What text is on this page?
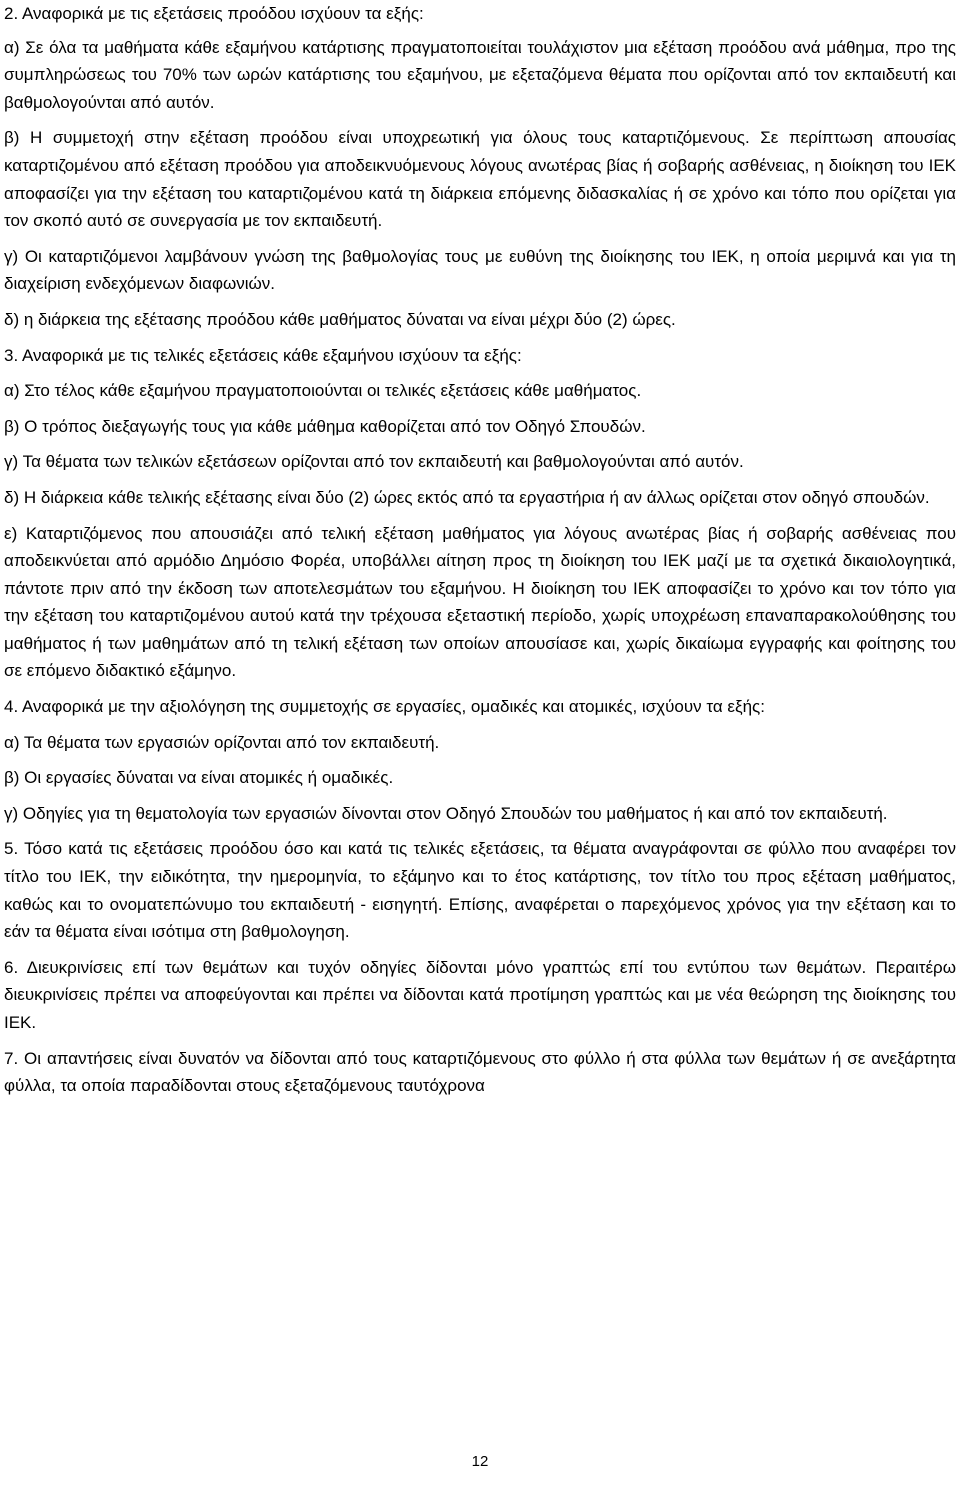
2. Αναφορικά με τις εξετάσεις προόδου ισχύουν τα εξής:

α) Σε όλα τα μαθήματα κάθε εξαμήνου κατάρτισης πραγματοποιείται τουλάχιστον μια εξέταση προόδου ανά μάθημα, προ της συμπληρώσεως του 70% των ωρών κατάρτισης του εξαμήνου, με εξεταζόμενα θέματα που ορίζονται από τον εκπαιδευτή και βαθμολογούνται από αυτόν.

β) Η συμμετοχή στην εξέταση προόδου είναι υποχρεωτική για όλους τους καταρτιζόμενους. Σε περίπτωση απουσίας καταρτιζομένου από εξέταση προόδου για αποδεικνυόμενους λόγους ανωτέρας βίας ή σοβαρής ασθένειας, η διοίκηση του ΙΕΚ αποφασίζει για την εξέταση του καταρτιζομένου κατά τη διάρκεια επόμενης διδασκαλίας ή σε χρόνο και τόπο που ορίζεται για τον σκοπό αυτό σε συνεργασία με τον εκπαιδευτή.

γ) Οι καταρτιζόμενοι λαμβάνουν γνώση της βαθμολογίας τους με ευθύνη της διοίκησης του ΙΕΚ, η οποία μεριμνά και για τη διαχείριση ενδεχόμενων διαφωνιών.

δ) η διάρκεια της εξέτασης προόδου κάθε μαθήματος δύναται να είναι μέχρι δύο (2) ώρες.

3. Αναφορικά με τις τελικές εξετάσεις κάθε εξαμήνου ισχύουν τα εξής:

α) Στο τέλος κάθε εξαμήνου πραγματοποιούνται οι τελικές εξετάσεις κάθε μαθήματος.

β) Ο τρόπος διεξαγωγής τους για κάθε μάθημα καθορίζεται από τον Οδηγό Σπουδών.

γ) Τα θέματα των τελικών εξετάσεων ορίζονται από τον εκπαιδευτή και βαθμολογούνται από αυτόν.

δ) Η διάρκεια κάθε τελικής εξέτασης είναι δύο (2) ώρες εκτός από τα εργαστήρια ή αν άλλως ορίζεται στον οδηγό σπουδών.

ε) Καταρτιζόμενος που απουσιάζει από τελική εξέταση μαθήματος για λόγους ανωτέρας βίας ή σοβαρής ασθένειας που αποδεικνύεται από αρμόδιο Δημόσιο Φορέα, υποβάλλει αίτηση προς τη διοίκηση του ΙΕΚ μαζί με τα σχετικά δικαιολογητικά, πάντοτε πριν από την έκδοση των αποτελεσμάτων του εξαμήνου. Η διοίκηση του ΙΕΚ αποφασίζει το χρόνο και τον τόπο για την εξέταση του καταρτιζομένου αυτού κατά την τρέχουσα εξεταστική περίοδο, χωρίς υποχρέωση επαναπαρακολούθησης του μαθήματος ή των μαθημάτων από τη τελική εξέταση των οποίων απουσίασε και, χωρίς δικαίωμα εγγραφής και φοίτησης του σε επόμενο διδακτικό εξάμηνο.

4. Αναφορικά με την αξιολόγηση της συμμετοχής σε εργασίες, ομαδικές και ατομικές, ισχύουν τα εξής:

α) Τα θέματα των εργασιών ορίζονται από τον εκπαιδευτή.

β) Οι εργασίες δύναται να είναι ατομικές ή ομαδικές.

γ) Οδηγίες για τη θεματολογία των εργασιών δίνονται στον Οδηγό Σπουδών του μαθήματος ή και από τον εκπαιδευτή.

5. Τόσο κατά τις εξετάσεις προόδου όσο και κατά τις τελικές εξετάσεις, τα θέματα αναγράφονται σε φύλλο που αναφέρει τον τίτλο του ΙΕΚ, την ειδικότητα, την ημερομηνία, το εξάμηνο και το έτος κατάρτισης, τον τίτλο του προς εξέταση μαθήματος, καθώς και το ονοματεπώνυμο του εκπαιδευτή - εισηγητή. Επίσης, αναφέρεται ο παρεχόμενος χρόνος για την εξέταση και το εάν τα θέματα είναι ισότιμα στη βαθμολογηση.

6. Διευκρινίσεις επί των θεμάτων και τυχόν οδηγίες δίδονται μόνο γραπτώς επί του εντύπου των θεμάτων. Περαιτέρω διευκρινίσεις πρέπει να αποφεύγονται και πρέπει να δίδονται κατά προτίμηση γραπτώς και με νέα θεώρηση της διοίκησης του ΙΕΚ.

7. Οι απαντήσεις είναι δυνατόν να δίδονται από τους καταρτιζόμενους στο φύλλο ή στα φύλλα των θεμάτων ή σε ανεξάρτητα φύλλα, τα οποία παραδίδονται στους εξεταζόμενους ταυτόχρονα

12
